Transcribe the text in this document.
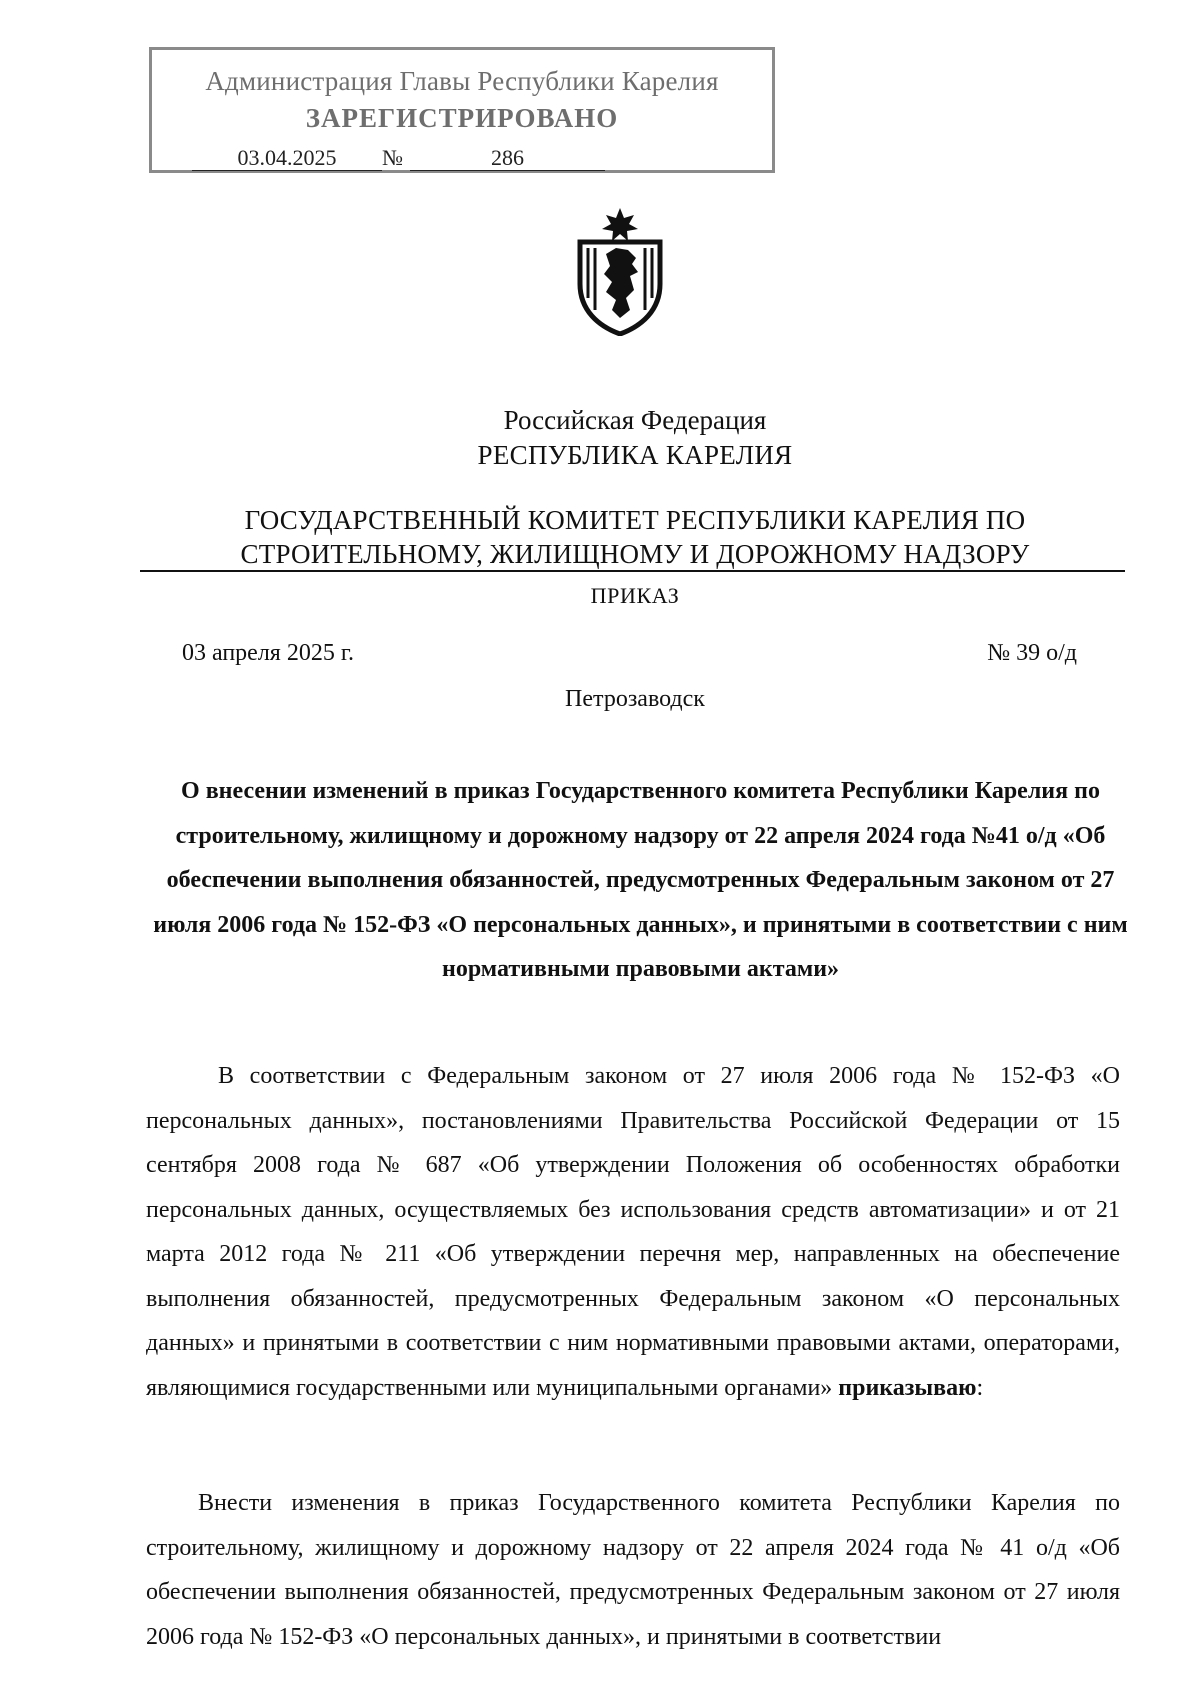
Администрация Главы Республики Карелия
ЗАРЕГИСТРИРОВАНО
03.04.2025 №	286
Российская Федерация
РЕСПУБЛИКА КАРЕЛИЯ
ГОСУДАРСТВЕННЫЙ КОМИТЕТ РЕСПУБЛИКИ КАРЕЛИЯ ПО
СТРОИТЕЛЬНОМУ, ЖИЛИЩНОМУ И ДОРОЖНОМУ НАДЗОРУ
ПРИКАЗ
03 апреля 2025 г.	№ 39 о/д
Петрозаводск
О внесении изменений в приказ Государственного комитета Республики Карелия по строительному, жилищному и дорожному надзору от 22 апреля 2024 года №41 о/д «Об обеспечении выполнения обязанностей, предусмотренных Федеральным законом от 27 июля 2006 года № 152-ФЗ «О персональных данных», и принятыми в соответствии с ним нормативными правовыми актами»
В соответствии с Федеральным законом от 27 июля 2006 года № 152-ФЗ «О персональных данных», постановлениями Правительства Российской Федерации от 15 сентября 2008 года № 687 «Об утверждении Положения об особенностях обработки персональных данных, осуществляемых без использования средств автоматизации» и от 21 марта 2012 года № 211 «Об утверждении перечня мер, направленных на обеспечение выполнения обязанностей, предусмотренных Федеральным законом «О персональных данных» и принятыми в соответствии с ним нормативными правовыми актами, операторами, являющимися государственными или муниципальными органами» приказываю:
Внести изменения в приказ Государственного комитета Республики Карелия по строительному, жилищному и дорожному надзору от 22 апреля 2024 года № 41 о/д «Об обеспечении выполнения обязанностей, предусмотренных Федеральным законом от 27 июля 2006 года № 152-ФЗ «О персональных данных», и принятыми в соответствии
